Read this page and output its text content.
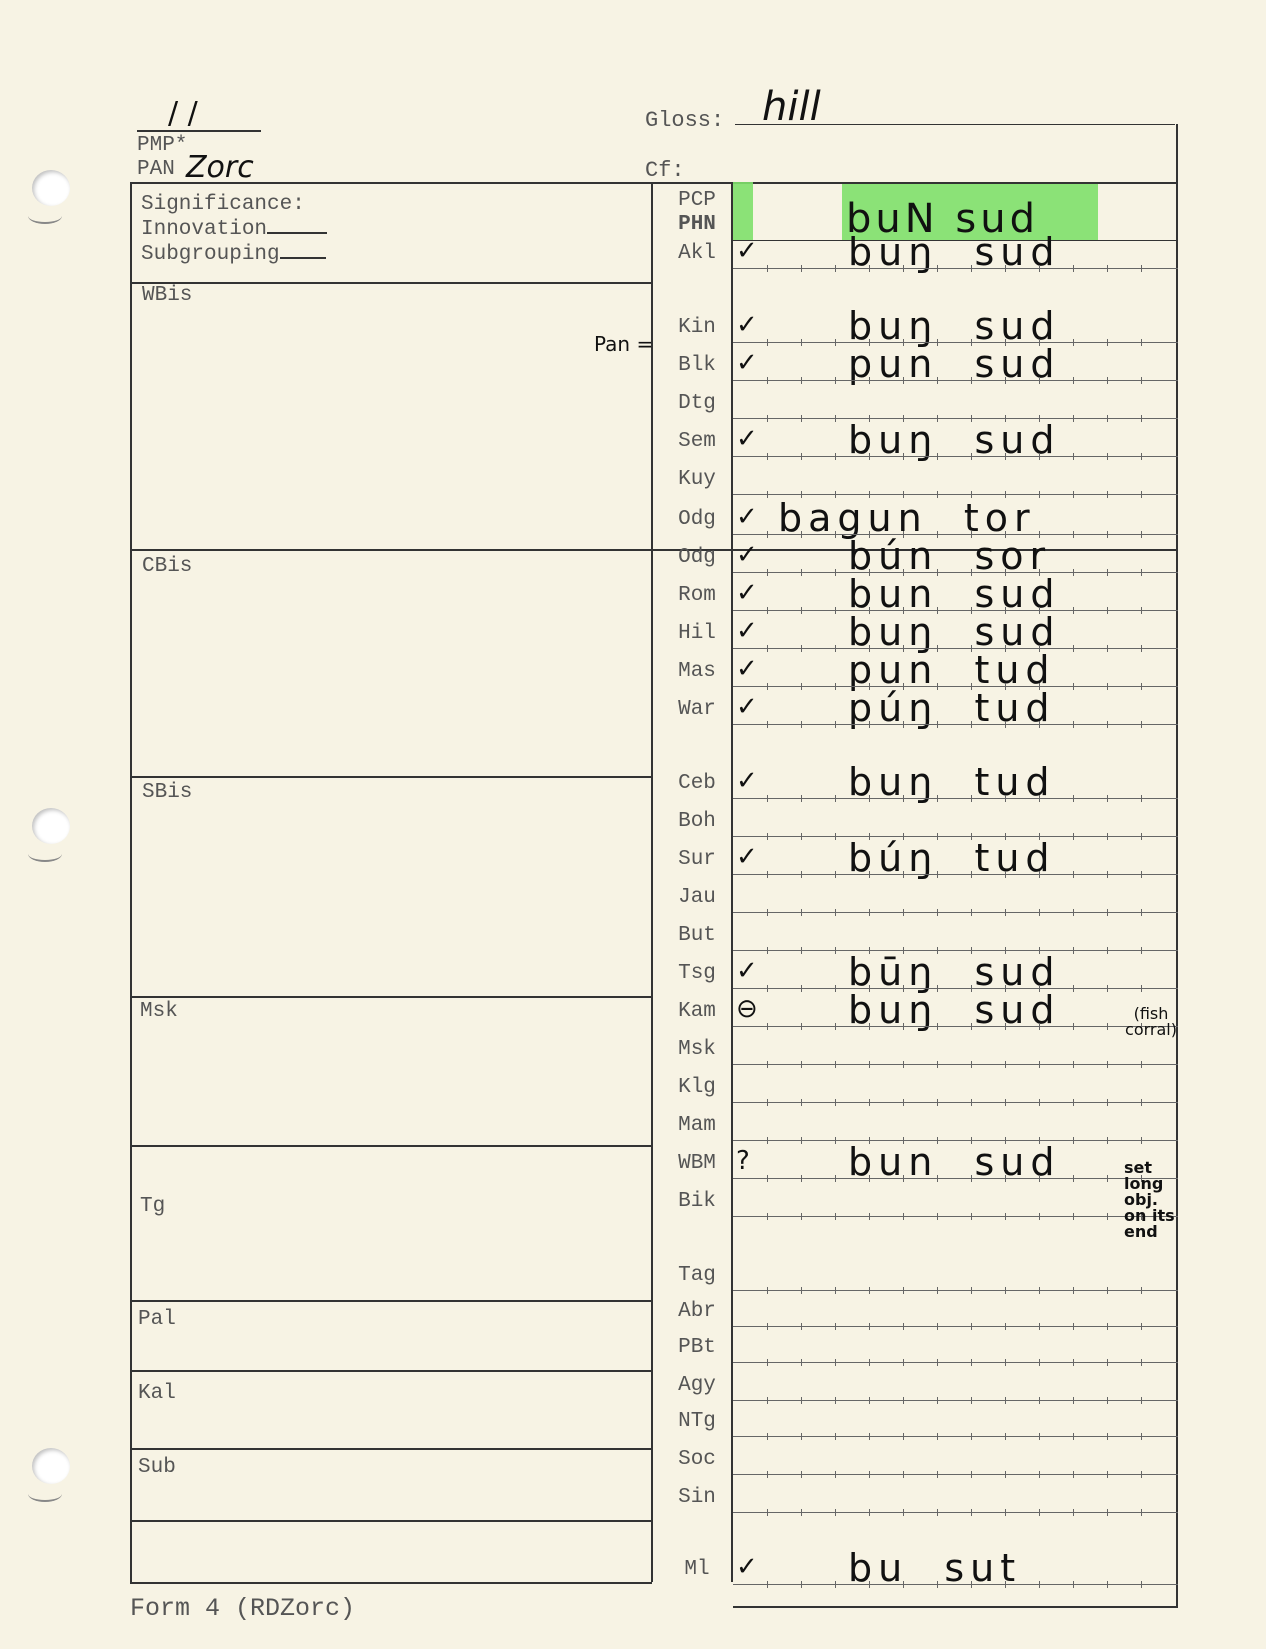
/ /
PMP*
PAN Zorc
Gloss: hill
Cf:
Significance:
Innovation
Subgrouping
WBis
CBis
SBis
Msk
Tg
Pal
Kal
Sub
PCP
PHN	buN sud
Pan =
Akl ✓ buŋ  sud
Kin ✓ buŋ  sud
Blk ✓ pun  sud
Dtg
Sem ✓ buŋ  sud
Kuy
Odg ✓ bagun  tor
Odg ✓ bún  sor
Rom ✓ bun  sud
Hil ✓ buŋ  sud
Mas ✓ pun  tud
War ✓ púŋ  tud
Ceb ✓ buŋ  tud
Boh
Sur ✓ búŋ  tud
Jau
But
Tsg ✓ būŋ  sud
Kam ⊖ buŋ  sud
Msk
Klg
Mam
WBM ?	bun  sud
Bik
Tag
Abr
PBt
Agy
NTg
Soc
Sin
Ml	✓ bu  sut
(fish corral)
set long obj. on its end
Form 4 (RDZorc)
